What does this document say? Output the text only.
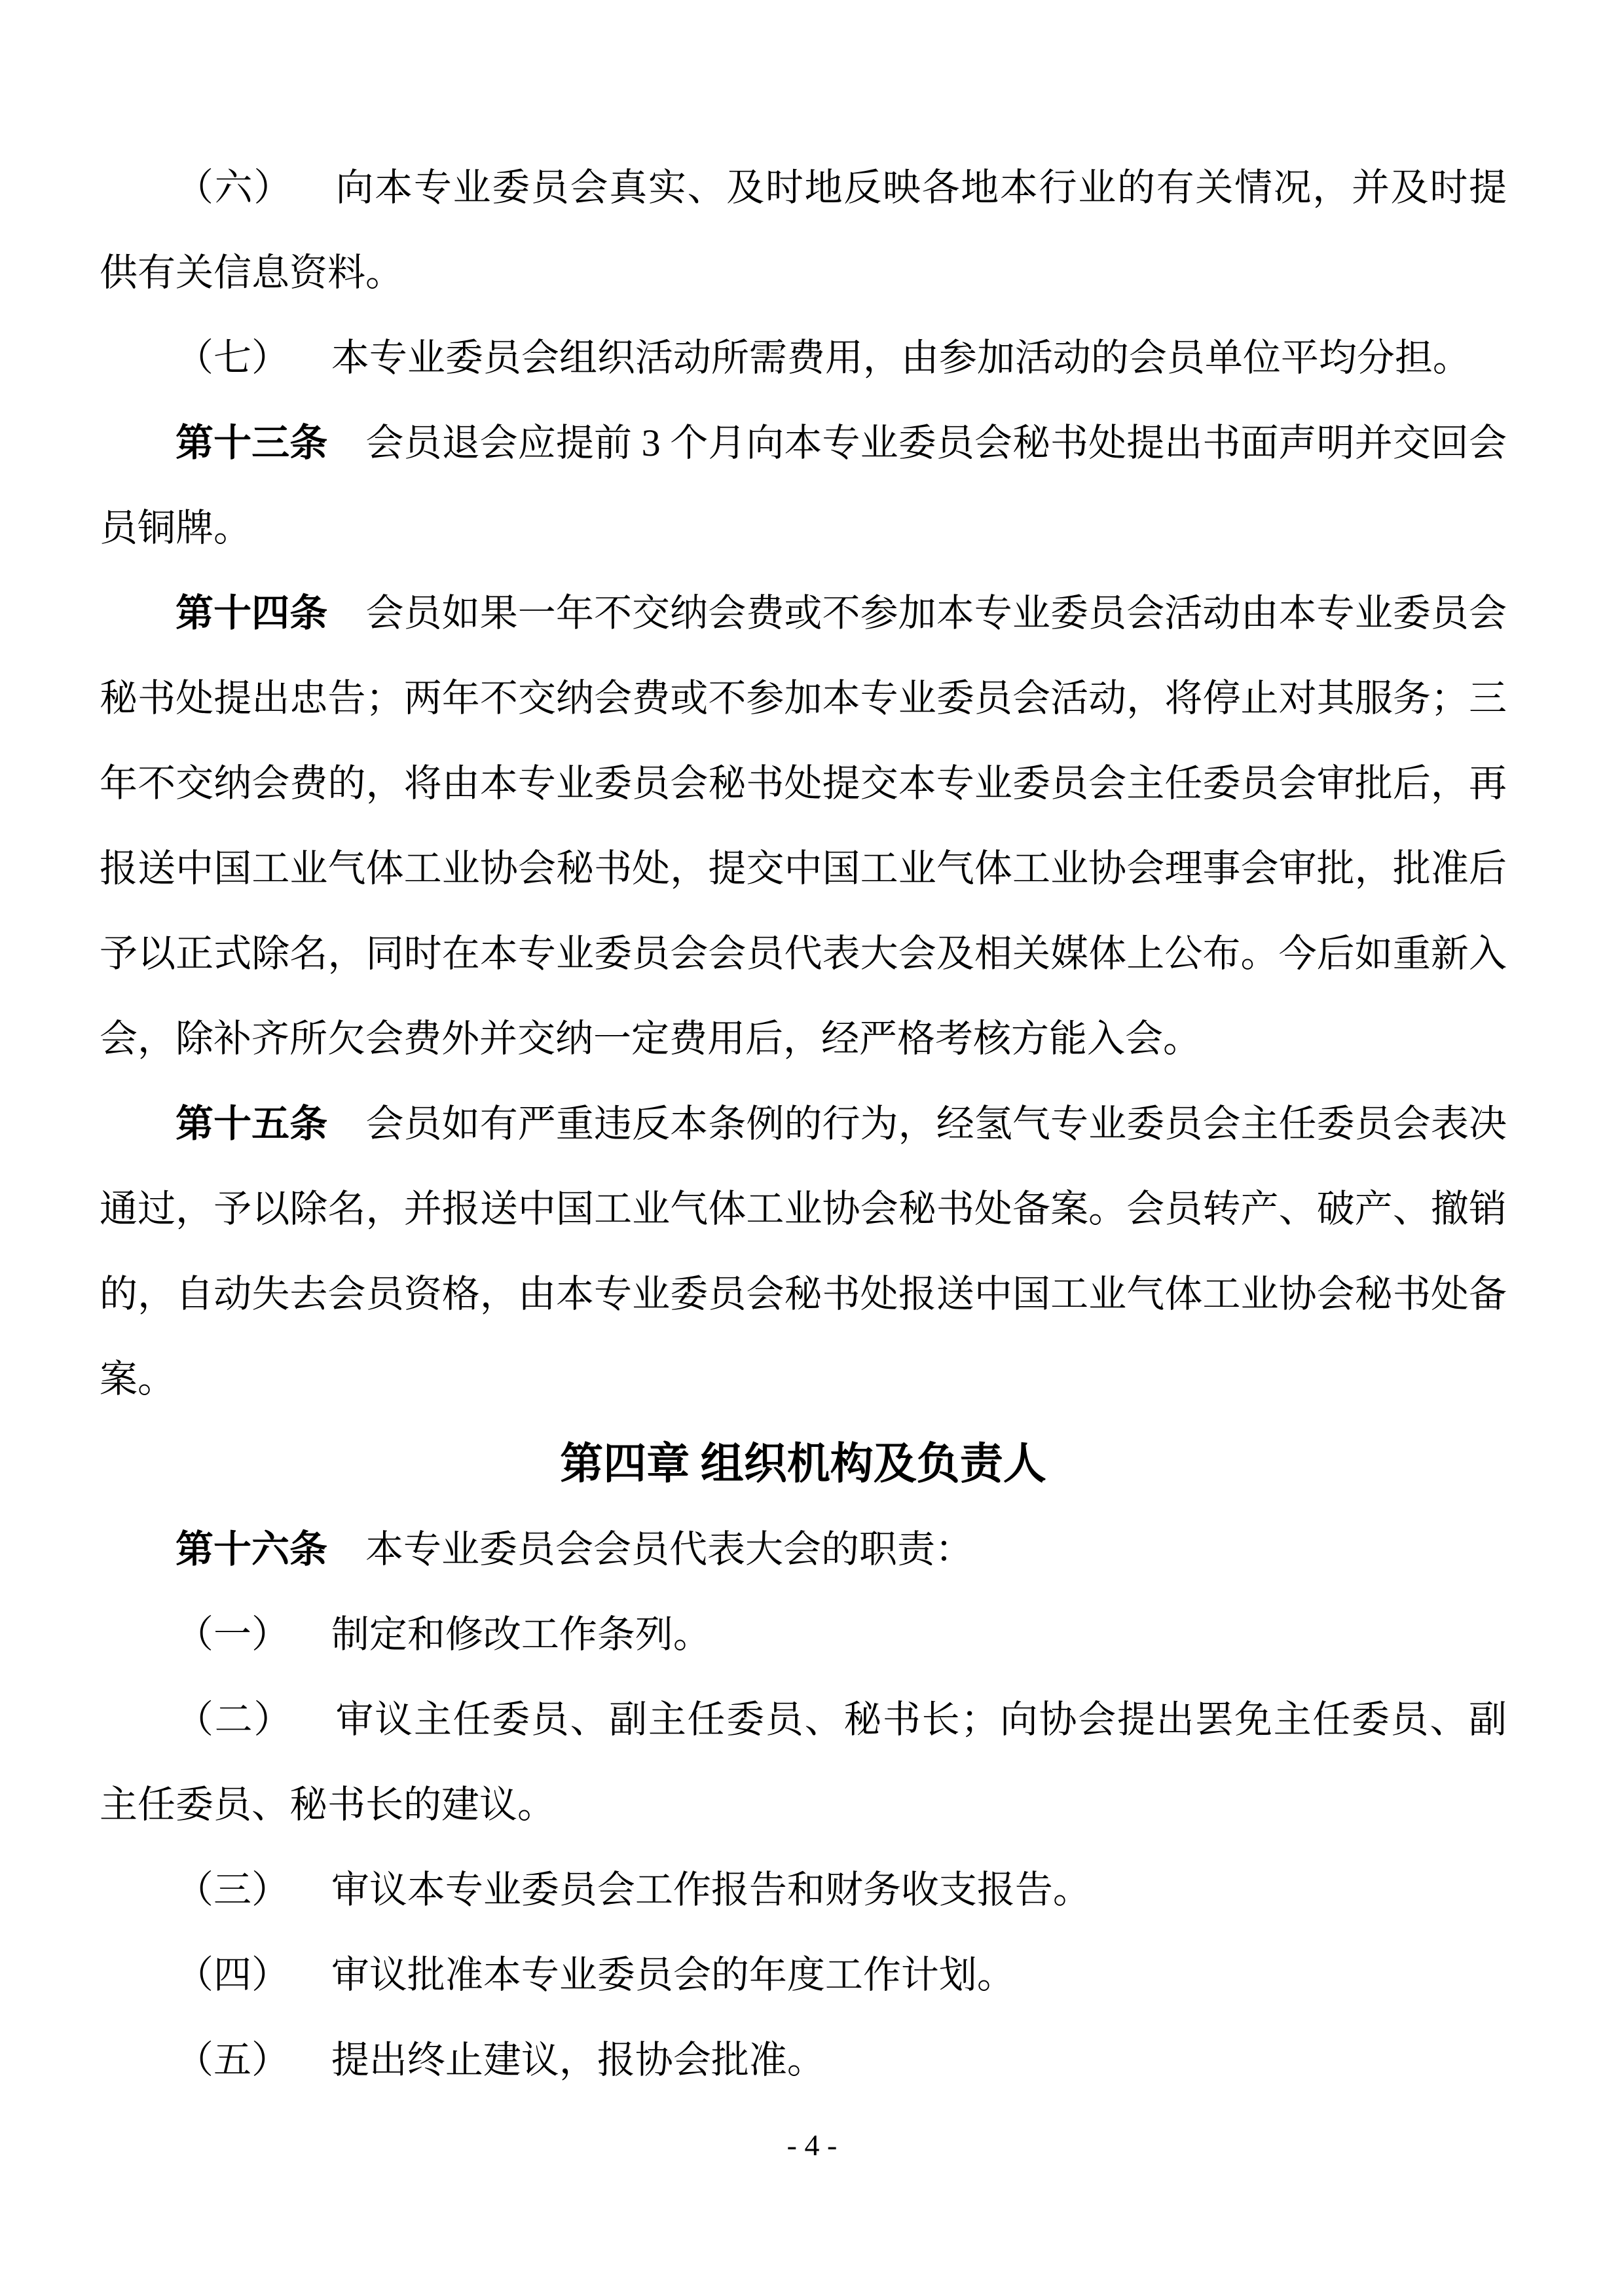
（六） 向本专业委员会真实、及时地反映各地本行业的有关情况，并及时提供有关信息资料。

（七） 本专业委员会组织活动所需费用，由参加活动的会员单位平均分担。

第十三条 会员退会应提前 3 个月向本专业委员会秘书处提出书面声明并交回会员铜牌。

第十四条 会员如果一年不交纳会费或不参加本专业委员会活动由本专业委员会秘书处提出忠告；两年不交纳会费或不参加本专业委员会活动，将停止对其服务；三年不交纳会费的，将由本专业委员会秘书处提交本专业委员会主任委员会审批后，再报送中国工业气体工业协会秘书处，提交中国工业气体工业协会理事会审批，批准后予以正式除名，同时在本专业委员会会员代表大会及相关媒体上公布。今后如重新入会，除补齐所欠会费外并交纳一定费用后，经严格考核方能入会。

第十五条 会员如有严重违反本条例的行为，经氢气专业委员会主任委员会表决通过，予以除名，并报送中国工业气体工业协会秘书处备案。会员转产、破产、撤销的，自动失去会员资格，由本专业委员会秘书处报送中国工业气体工业协会秘书处备案。

第四章 组织机构及负责人

第十六条 本专业委员会会员代表大会的职责：

（一） 制定和修改工作条列。

（二） 审议主任委员、副主任委员、秘书长；向协会提出罢免主任委员、副主任委员、秘书长的建议。

（三） 审议本专业委员会工作报告和财务收支报告。

（四） 审议批准本专业委员会的年度工作计划。

（五） 提出终止建议，报协会批准。

- 4 -
